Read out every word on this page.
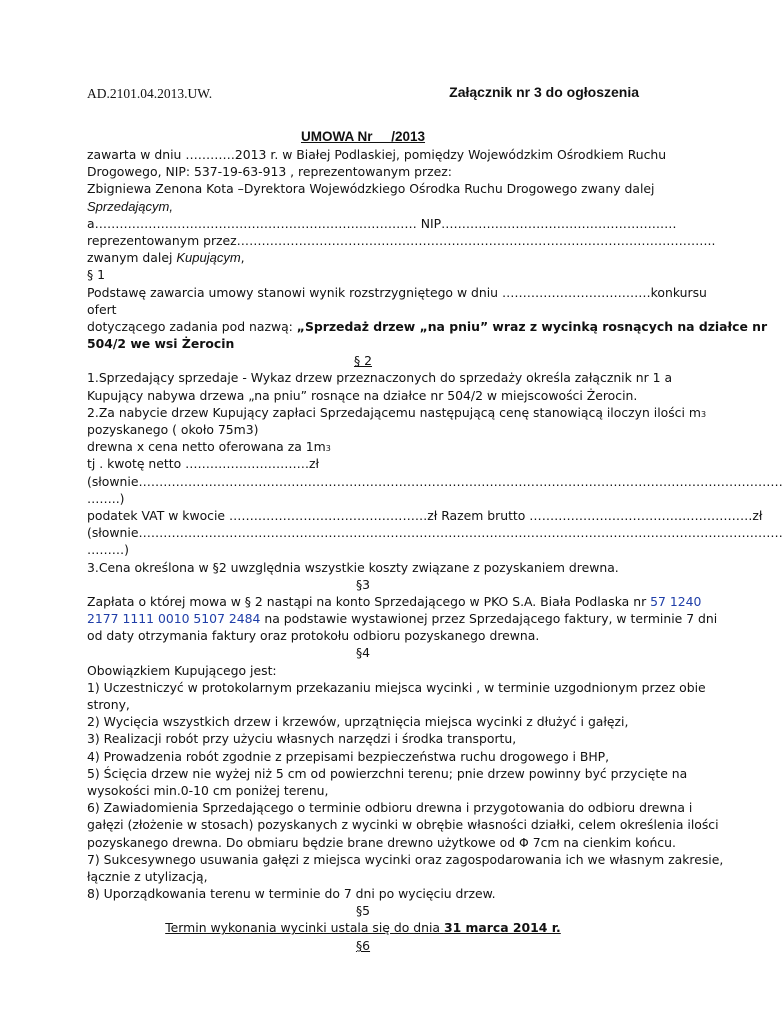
AD.2101.04.2013.UW.	Załącznik nr 3 do ogłoszenia
UMOWA Nr     /2013
zawarta w dniu …………2013 r. w Białej Podlaskiej, pomiędzy Wojewódzkim Ośrodkiem Ruchu
Drogowego, NIP: 537-19-63-913 , reprezentowanym przez:
Zbigniewa Zenona Kota –Dyrektora Wojewódzkiego Ośrodka Ruchu Drogowego zwany dalej
Sprzedającym,
a…………………………………………………………………… NIP…………………………………………………
reprezentowanym przez……………………………………………………………………………………………………..
zwanym dalej Kupującym,
§ 1
Podstawę zawarcia umowy stanowi wynik rozstrzygniętego w dniu ………………………………konkursu
ofert
dotyczącego zadania pod nazwą: „Sprzedaż drzew „na pniu” wraz z wycinką rosnących na działce nr
504/2 we wsi Żerocin
§ 2
1.Sprzedający sprzedaje - Wykaz drzew przeznaczonych do sprzedaży określa załącznik nr 1 a
Kupujący nabywa drzewa „na pniu” rosnące na działce nr 504/2 w miejscowości Żerocin.
2.Za nabycie drzew Kupujący zapłaci Sprzedającemu następującą cenę stanowiącą iloczyn ilości m3
pozyskanego ( około 75m3)
drewna x cena netto oferowana za 1m3
tj . kwotę netto …………………………zł
(słownie…………………………………………………………………………………………………………………………………………
……..)
podatek VAT w kwocie …………………………………………zł Razem brutto ………………………………………………zł
(słownie…………………………………………………………………………………………………………………………………………
………)
3.Cena określona w §2 uwzględnia wszystkie koszty związane z pozyskaniem drewna.
§3
Zapłata o której mowa w § 2 nastąpi na konto Sprzedającego w PKO S.A. Biała Podlaska nr 57 1240
2177 1111 0010 5107 2484 na podstawie wystawionej przez Sprzedającego faktury, w terminie 7 dni
od daty otrzymania faktury oraz protokołu odbioru pozyskanego drewna.
§4
Obowiązkiem Kupującego jest:
1) Uczestniczyć w protokolarnym przekazaniu miejsca wycinki , w terminie uzgodnionym przez obie
strony,
2) Wycięcia wszystkich drzew i krzewów, uprzątnięcia miejsca wycinki z dłużyć i gałęzi,
3) Realizacji robót przy użyciu własnych narzędzi i środka transportu,
4) Prowadzenia robót zgodnie z przepisami bezpieczeństwa ruchu drogowego i BHP,
5) Ścięcia drzew nie wyżej niż 5 cm od powierzchni terenu; pnie drzew powinny być przycięte na
wysokości min.0-10 cm poniżej terenu,
6) Zawiadomienia Sprzedającego o terminie odbioru drewna i przygotowania do odbioru drewna i
gałęzi (złożenie w stosach) pozyskanych z wycinki w obrębie własności działki, celem określenia ilości
pozyskanego drewna. Do obmiaru będzie brane drewno użytkowe od Φ 7cm na cienkim końcu.
7) Sukcesywnego usuwania gałęzi z miejsca wycinki oraz zagospodarowania ich we własnym zakresie,
łącznie z utylizacją,
8) Uporządkowania terenu w terminie do 7 dni po wycięciu drzew.
§5
Termin wykonania wycinki ustala się do dnia 31 marca 2014 r.
§6
